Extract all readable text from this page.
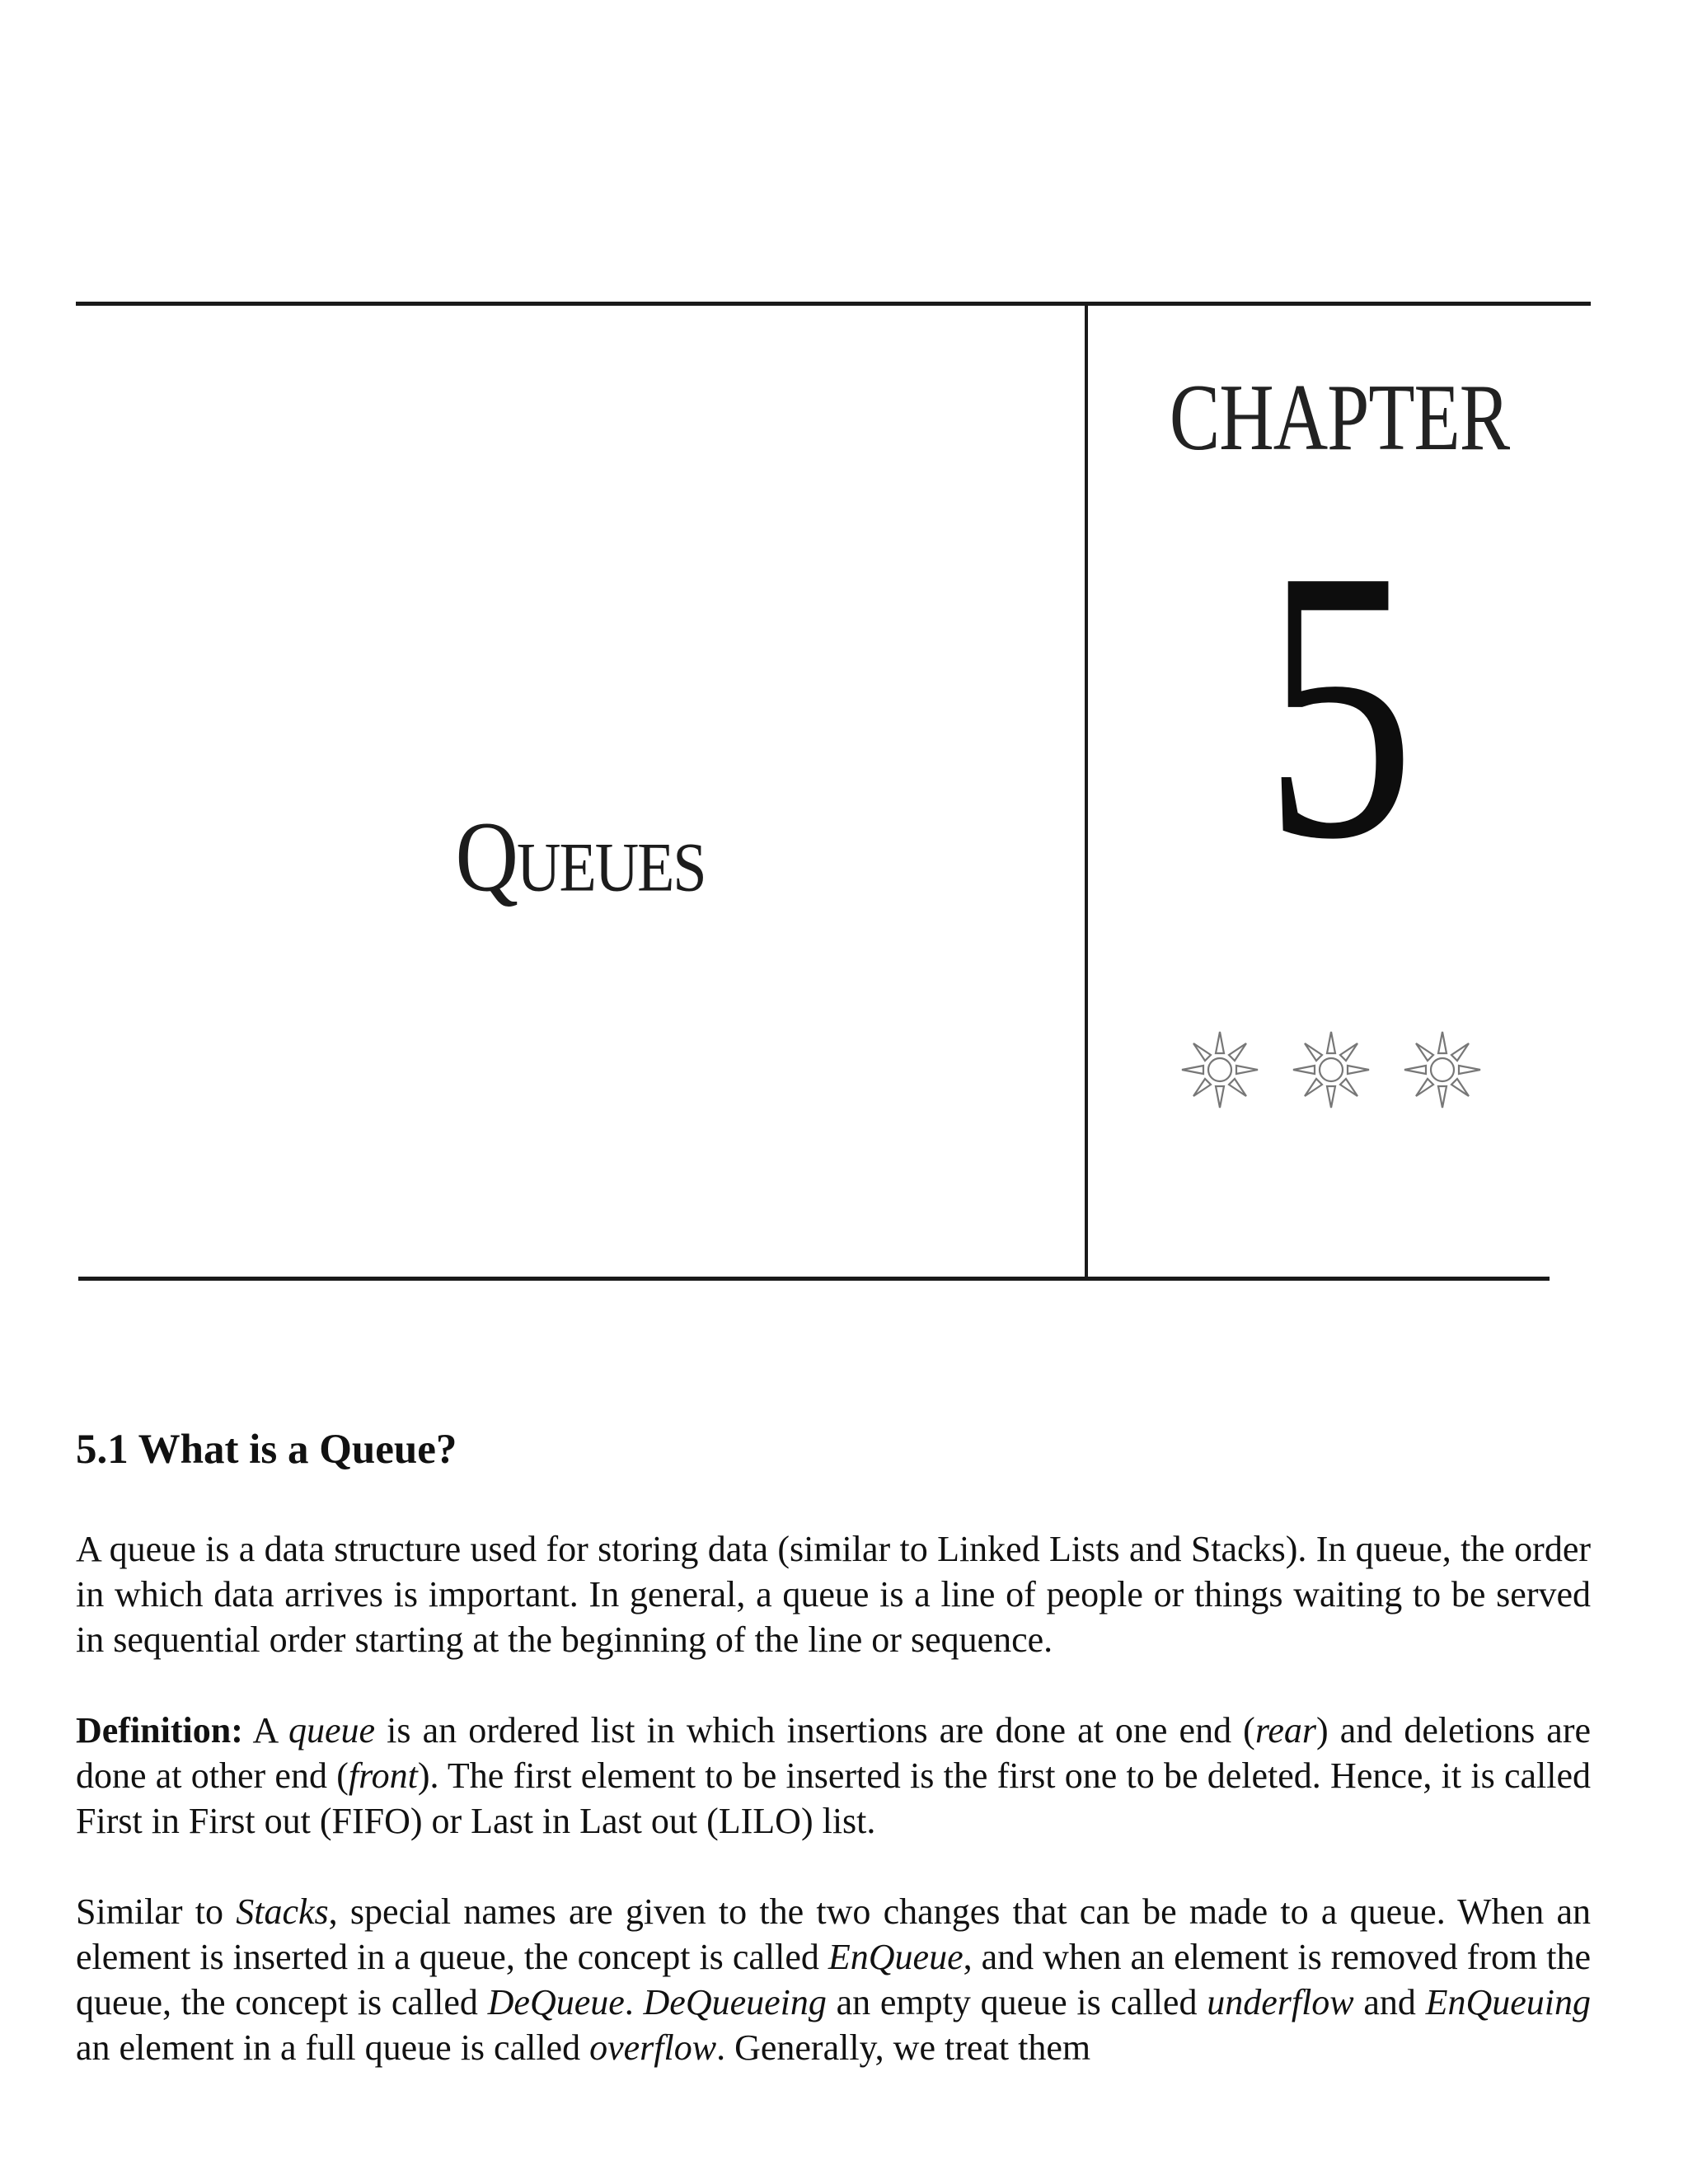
Queues
CHAPTER
5
5.1 What is a Queue?

A queue is a data structure used for storing data (similar to Linked Lists and Stacks). In queue, the order in which data arrives is important. In general, a queue is a line of people or things waiting to be served in sequential order starting at the beginning of the line or sequence.

Definition: A queue is an ordered list in which insertions are done at one end (rear) and deletions are done at other end (front). The first element to be inserted is the first one to be deleted. Hence, it is called First in First out (FIFO) or Last in Last out (LILO) list.

Similar to Stacks, special names are given to the two changes that can be made to a queue. When an element is inserted in a queue, the concept is called EnQueue, and when an element is removed from the queue, the concept is called DeQueue. DeQueueing an empty queue is called underflow and EnQueuing an element in a full queue is called overflow. Generally, we treat them
